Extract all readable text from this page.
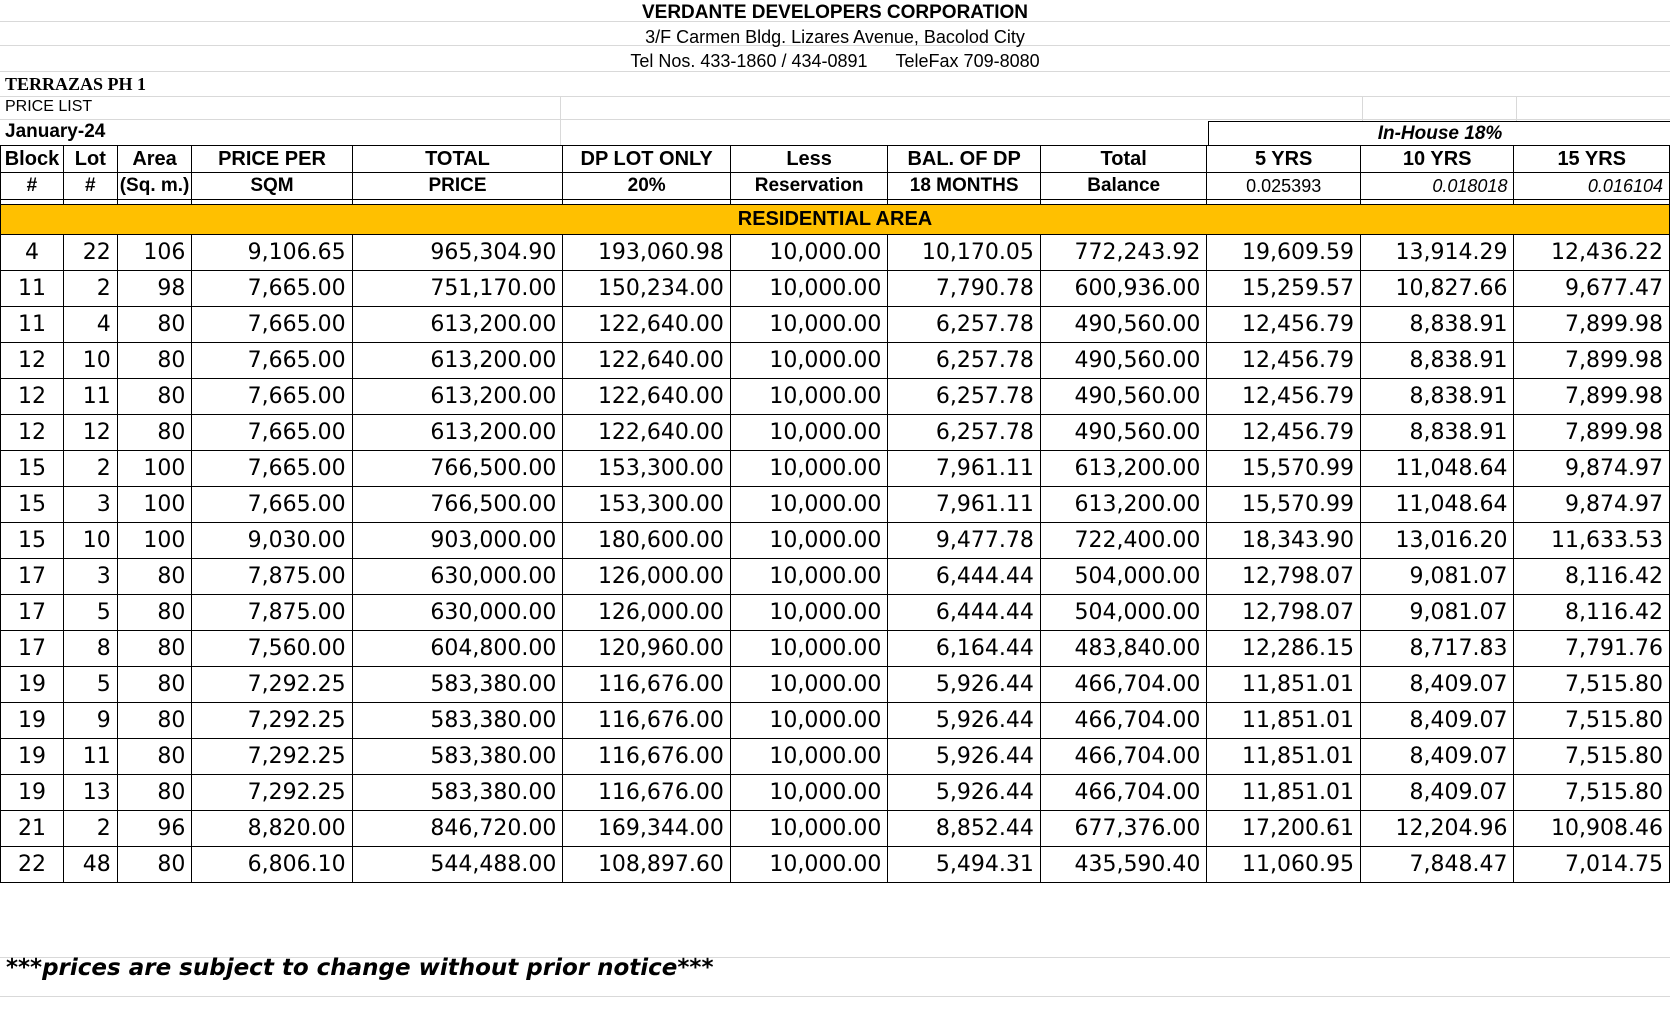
VERDANTE DEVELOPERS CORPORATION
3/F Carmen Bldg. Lizares Avenue, Bacolod City
Tel Nos. 433-1860 / 434-0891 TeleFax 709-8080
TERRAZAS PH 1
PRICE LIST
January-24	In-House 18%
Block	Lot	Area	PRICE PER	TOTAL	DP LOT ONLY	Less	BAL. OF DP	Total	5 YRS	10 YRS	15 YRS
#	#	(Sq. m.)	SQM	PRICE	20%	Reservation	18 MONTHS	Balance	0.025393	0.018018	0.016104

RESIDENTIAL AREA											
4	22	106	9,106.65	965,304.90	193,060.98	10,000.00	10,170.05	772,243.92	19,609.59	13,914.29	12,436.22
11	2	98	7,665.00	751,170.00	150,234.00	10,000.00	7,790.78	600,936.00	15,259.57	10,827.66	9,677.47
11	4	80	7,665.00	613,200.00	122,640.00	10,000.00	6,257.78	490,560.00	12,456.79	8,838.91	7,899.98
12	10	80	7,665.00	613,200.00	122,640.00	10,000.00	6,257.78	490,560.00	12,456.79	8,838.91	7,899.98
12	11	80	7,665.00	613,200.00	122,640.00	10,000.00	6,257.78	490,560.00	12,456.79	8,838.91	7,899.98
12	12	80	7,665.00	613,200.00	122,640.00	10,000.00	6,257.78	490,560.00	12,456.79	8,838.91	7,899.98
15	2	100	7,665.00	766,500.00	153,300.00	10,000.00	7,961.11	613,200.00	15,570.99	11,048.64	9,874.97
15	3	100	7,665.00	766,500.00	153,300.00	10,000.00	7,961.11	613,200.00	15,570.99	11,048.64	9,874.97
15	10	100	9,030.00	903,000.00	180,600.00	10,000.00	9,477.78	722,400.00	18,343.90	13,016.20	11,633.53
17	3	80	7,875.00	630,000.00	126,000.00	10,000.00	6,444.44	504,000.00	12,798.07	9,081.07	8,116.42
17	5	80	7,875.00	630,000.00	126,000.00	10,000.00	6,444.44	504,000.00	12,798.07	9,081.07	8,116.42
17	8	80	7,560.00	604,800.00	120,960.00	10,000.00	6,164.44	483,840.00	12,286.15	8,717.83	7,791.76
19	5	80	7,292.25	583,380.00	116,676.00	10,000.00	5,926.44	466,704.00	11,851.01	8,409.07	7,515.80
19	9	80	7,292.25	583,380.00	116,676.00	10,000.00	5,926.44	466,704.00	11,851.01	8,409.07	7,515.80
19	11	80	7,292.25	583,380.00	116,676.00	10,000.00	5,926.44	466,704.00	11,851.01	8,409.07	7,515.80
19	13	80	7,292.25	583,380.00	116,676.00	10,000.00	5,926.44	466,704.00	11,851.01	8,409.07	7,515.80
21	2	96	8,820.00	846,720.00	169,344.00	10,000.00	8,852.44	677,376.00	17,200.61	12,204.96	10,908.46
22	48	80	6,806.10	544,488.00	108,897.60	10,000.00	5,494.31	435,590.40	11,060.95	7,848.47	7,014.75
***prices are subject to change without prior notice***
